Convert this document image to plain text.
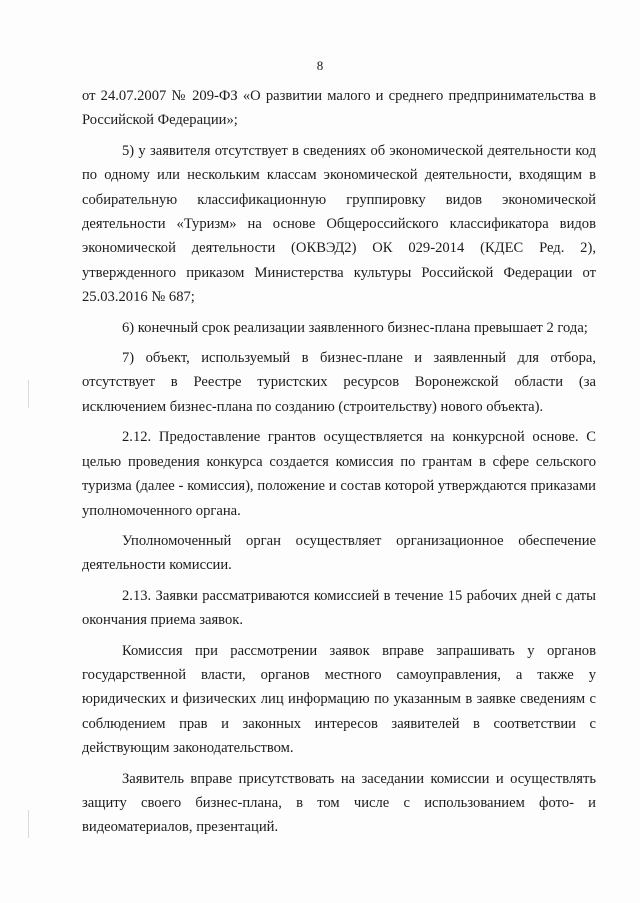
8

от 24.07.2007 № 209-ФЗ «О развитии малого и среднего предпринимательства в Российской Федерации»;

5) у заявителя отсутствует в сведениях об экономической деятельности код по одному или нескольким классам экономической деятельности, входящим в собирательную классификационную группировку видов экономической деятельности «Туризм» на основе Общероссийского классификатора видов экономической деятельности (ОКВЭД2) ОК 029-2014 (КДЕС Ред. 2), утвержденного приказом Министерства культуры Российской Федерации от 25.03.2016 № 687;

6) конечный срок реализации заявленного бизнес-плана превышает 2 года;

7) объект, используемый в бизнес-плане и заявленный для отбора, отсутствует в Реестре туристских ресурсов Воронежской области (за исключением бизнес-плана по созданию (строительству) нового объекта).

2.12. Предоставление грантов осуществляется на конкурсной основе. С целью проведения конкурса создается комиссия по грантам в сфере сельского туризма (далее - комиссия), положение и состав которой утверждаются приказами уполномоченного органа.

Уполномоченный орган осуществляет организационное обеспечение деятельности комиссии.

2.13. Заявки рассматриваются комиссией в течение 15 рабочих дней с даты окончания приема заявок.

Комиссия при рассмотрении заявок вправе запрашивать у органов государственной власти, органов местного самоуправления, а также у юридических и физических лиц информацию по указанным в заявке сведениям с соблюдением прав и законных интересов заявителей в соответствии с действующим законодательством.

Заявитель вправе присутствовать на заседании комиссии и осуществлять защиту своего бизнес-плана, в том числе с использованием фото- и видеоматериалов, презентаций.
